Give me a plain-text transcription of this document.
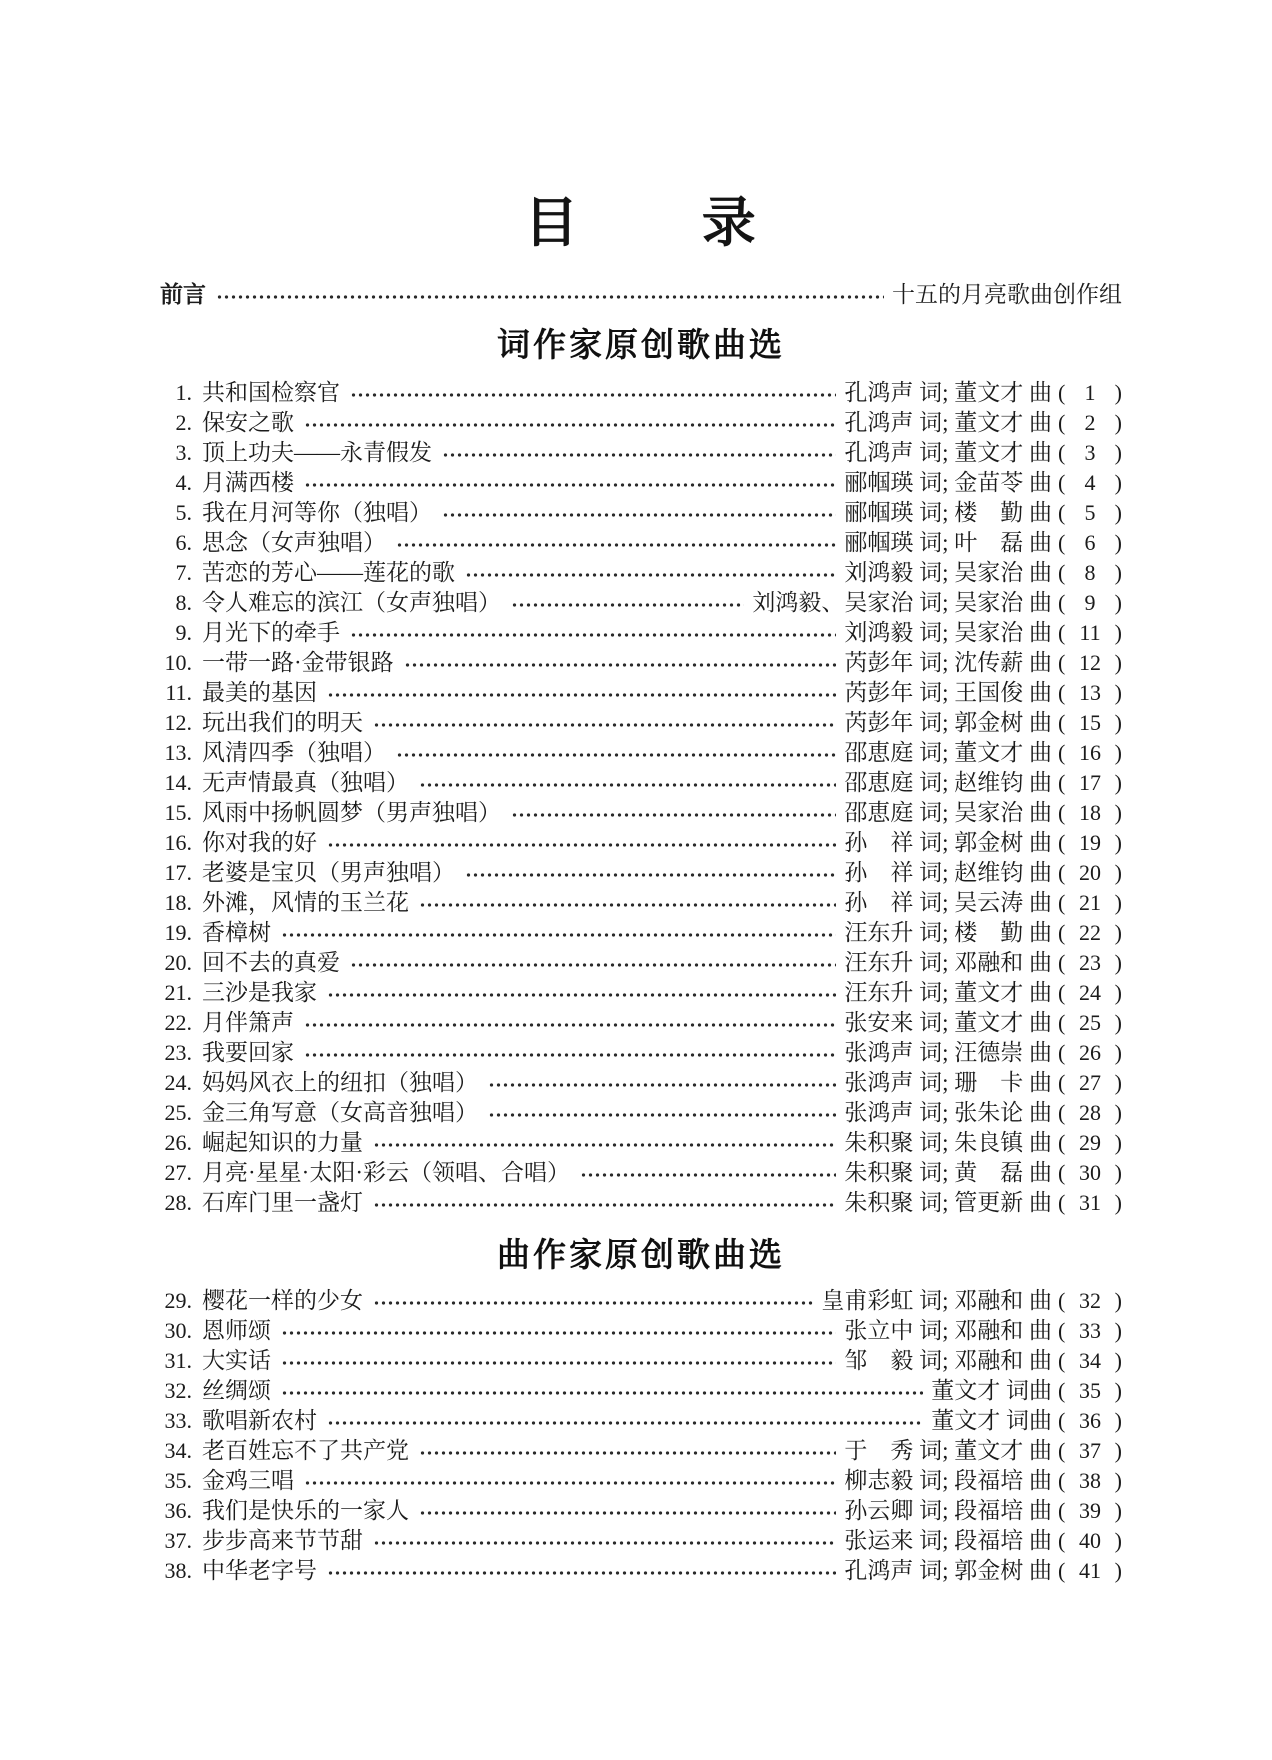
目 录
前言	十五的月亮歌曲创作组
词作家原创歌曲选
1. 共和国检察官	孔鸿声 词; 董文才 曲	( 1 )
2. 保安之歌	孔鸿声 词; 董文才 曲	( 2 )
3. 顶上功夫——永青假发	孔鸿声 词; 董文才 曲	( 3 )
4. 月满西楼	郦帼瑛 词; 金苗苓 曲	( 4 )
5. 我在月河等你（独唱）	郦帼瑛 词; 楼　勤 曲	( 5 )
6. 思念（女声独唱）	郦帼瑛 词; 叶　磊 曲	( 6 )
7. 苦恋的芳心——莲花的歌	刘鸿毅 词; 吴家治 曲	( 8 )
8. 令人难忘的滨江（女声独唱）	刘鸿毅、吴家治 词; 吴家治 曲	( 9 )
9. 月光下的牵手	刘鸿毅 词; 吴家治 曲	( 11 )
10. 一带一路·金带银路	芮彭年 词; 沈传薪 曲	( 12 )
11. 最美的基因	芮彭年 词; 王国俊 曲	( 13 )
12. 玩出我们的明天	芮彭年 词; 郭金树 曲	( 15 )
13. 风清四季（独唱）	邵恵庭 词; 董文才 曲	( 16 )
14. 无声情最真（独唱）	邵恵庭 词; 赵维钧 曲	( 17 )
15. 风雨中扬帆圆梦（男声独唱）	邵恵庭 词; 吴家治 曲	( 18 )
16. 你对我的好	孙　祥 词; 郭金树 曲	( 19 )
17. 老婆是宝贝（男声独唱）	孙　祥 词; 赵维钧 曲	( 20 )
18. 外滩，风情的玉兰花	孙　祥 词; 吴云涛 曲	( 21 )
19. 香樟树	汪东升 词; 楼　勤 曲	( 22 )
20. 回不去的真爱	汪东升 词; 邓融和 曲	( 23 )
21. 三沙是我家	汪东升 词; 董文才 曲	( 24 )
22. 月伴箫声	张安来 词; 董文才 曲	( 25 )
23. 我要回家	张鸿声 词; 汪德崇 曲	( 26 )
24. 妈妈风衣上的纽扣（独唱）	张鸿声 词; 珊　卡 曲	( 27 )
25. 金三角写意（女高音独唱）	张鸿声 词; 张朱论 曲	( 28 )
26. 崛起知识的力量	朱积聚 词; 朱良镇 曲	( 29 )
27. 月亮·星星·太阳·彩云（领唱、合唱）	朱积聚 词; 黄　磊 曲	( 30 )
28. 石库门里一盏灯	朱积聚 词; 管更新 曲	( 31 )
曲作家原创歌曲选
29. 樱花一样的少女	皇甫彩虹 词; 邓融和 曲	( 32 )
30. 恩师颂	张立中 词; 邓融和 曲	( 33 )
31. 大实话	邹　毅 词; 邓融和 曲	( 34 )
32. 丝绸颂	董文才 词曲	( 35 )
33. 歌唱新农村	董文才 词曲	( 36 )
34. 老百姓忘不了共产党	于　秀 词; 董文才 曲	( 37 )
35. 金鸡三唱	柳志毅 词; 段福培 曲	( 38 )
36. 我们是快乐的一家人	孙云卿 词; 段福培 曲	( 39 )
37. 步步高来节节甜	张运来 词; 段福培 曲	( 40 )
38. 中华老字号	孔鸿声 词; 郭金树 曲	( 41 )
